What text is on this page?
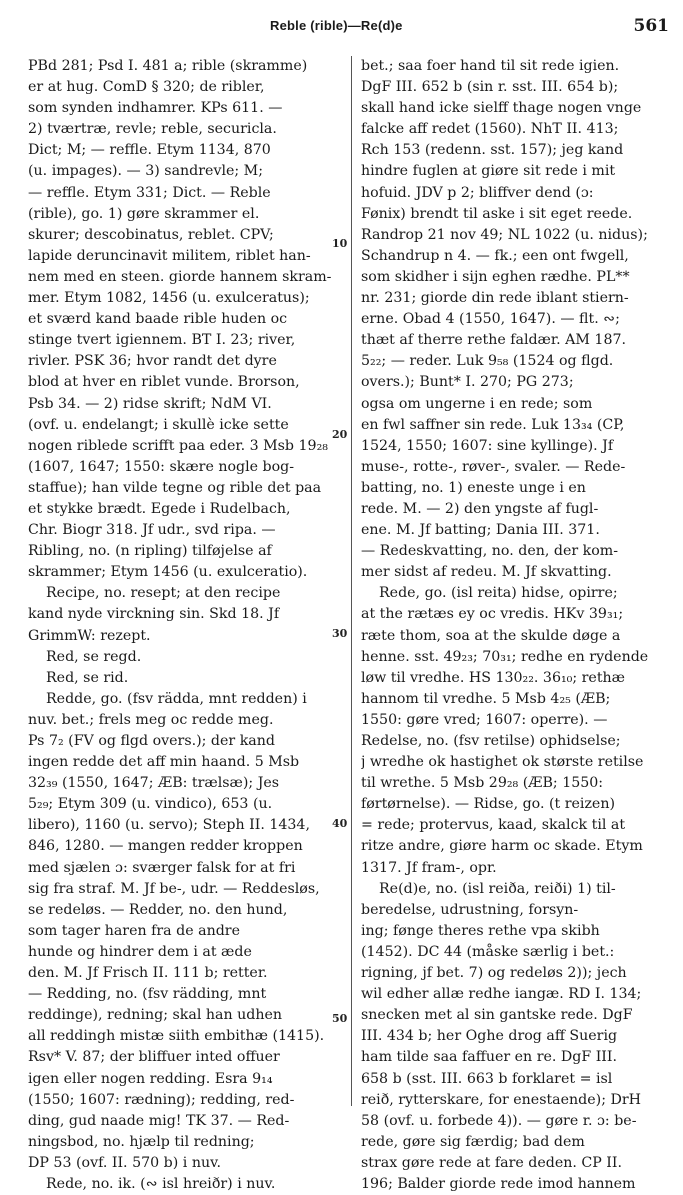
Reble (rible)—Re(d)e	561
PBd 281; Psd I. 481 a; rible (skramme)
er at hug. ComD § 320; de ribler,
som synden indhamrer. KPs 611. —
2) tværtræ, revle; reble, securicla.
Dict; M; — reffle. Etym 1134, 870
(u. impages). — 3) sandrevle; M;
— reffle. Etym 331; Dict. — Reble
(rible), go. 1) gøre skrammer el.
skurer; descobinatus, reblet. CPV;
lapide deruncinavit militem, riblet han-
nem med en steen. giorde hannem skram-
mer. Etym 1082, 1456 (u. exulceratus);
et sværd kand baade rible huden oc
stinge tvert igiennem. BT I. 23; river,
rivler. PSK 36; hvor randt det dyre
blod at hver en riblet vunde. Brorson,
Psb 34. — 2) ridse skrift; NdM VI.
(ovf. u. endelangt; i skullè icke sette
nogen riblede scrifft paa eder. 3 Msb 19₂₈
(1607, 1647; 1550: skære nogle bog-
staffue); han vilde tegne og rible det paa
et stykke brædt. Egede i Rudelbach,
Chr. Biogr 318. Jf udr., svd ripa. —
Ribling, no. (n ripling) tilføjelse af
skrammer; Etym 1456 (u. exulceratio).
Recipe, no. resept; at den recipe
kand nyde virckning sin. Skd 18. Jf
GrimmW: rezept.
Red, se regd.
Red, se rid.
Redde, go. (fsv rädda, mnt redden) i
nuv. bet.; frels meg oc redde meg.
Ps 7₂ (FV og flgd overs.); der kand
ingen redde det aff min haand. 5 Msb
32₃₉ (1550, 1647; ÆB: trælsæ); Jes
5₂₉; Etym 309 (u. vindico), 653 (u.
libero), 1160 (u. servo); Steph II. 1434,
846, 1280. — mangen redder kroppen
med sjælen ɔ: sværger falsk for at fri
sig fra straf. M. Jf be-, udr. — Reddesløs,
se redeløs. — Redder, no. den hund,
som tager haren fra de andre
hunde og hindrer dem i at æde
den. M. Jf Frisch II. 111 b; retter.
— Redding, no. (fsv rädding, mnt
reddinge), redning; skal han udhen
all reddingh mistæ siith embithæ (1415).
Rsv* V. 87; der bliffuer inted offuer
igen eller nogen redding. Esra 9₁₄
(1550; 1607: rædning); redding, red-
ding, gud naade mig! TK 37. — Red-
ningsbod, no. hjælp til redning;
DP 53 (ovf. II. 570 b) i nuv.
Rede, no. ik. (∾ isl hreiðr) i nuv.
bet.; saa foer hand til sit rede igien.
DgF III. 652 b (sin r. sst. III. 654 b);
skall hand icke sielff thage nogen vnge
falcke aff redet (1560). NhT II. 413;
Rch 153 (redenn. sst. 157); jeg kand
hindre fuglen at giøre sit rede i mit
hofuid. JDV p 2; bliffver dend (ɔ:
Fønix) brendt til aske i sit eget reede.
Randrop 21 nov 49; NL 1022 (u. nidus);
Schandrup n 4. — fk.; een ont fwgell,
som skidher i sijn eghen rædhe. PL**
nr. 231; giorde din rede iblant stiern-
erne. Obad 4 (1550, 1647). — flt. ∾;
thæt af therre rethe faldær. AM 187.
5₂₂; — reder. Luk 9₅₈ (1524 og flgd.
overs.); Bunt* I. 270; PG 273;
ogsa om ungerne i en rede; som
en fwl saffner sin rede. Luk 13₃₄ (CP,
1524, 1550; 1607: sine kyllinge). Jf
muse-, rotte-, røver-, svaler. — Rede-
batting, no. 1) eneste unge i en
rede. M. — 2) den yngste af fugl-
ene. M. Jf batting; Dania III. 371.
— Redeskvatting, no. den, der kom-
mer sidst af redeu. M. Jf skvatting.
Rede, go. (isl reita) hidse, opirre;
at the rætæs ey oc vredis. HKv 39₃₁;
ræte thom, soa at the skulde døge a
henne. sst. 49₂₃; 70₃₁; redhe en rydende
løw til vredhe. HS 130₂₂. 36₁₀; rethæ
hannom til vredhe. 5 Msb 4₂₅ (ÆB;
1550: gøre vred; 1607: operre). —
Redelse, no. (fsv retilse) ophidselse;
j wredhe ok hastighet ok største retilse
til wrethe. 5 Msb 29₂₈ (ÆB; 1550:
førtørnelse). — Ridse, go. (t reizen)
= rede; protervus, kaad, skalck til at
ritze andre, giøre harm oc skade. Etym
1317. Jf fram-, opr.
Re(d)e, no. (isl reiða, reiði) 1) til-
beredelse, udrustning, forsyn-
ing; fønge theres rethe vpa skibh
(1452). DC 44 (måske særlig i bet.:
rigning, jf bet. 7) og redeløs 2)); jech
wil edher allæ redhe iangæ. RD I. 134;
snecken met al sin gantske rede. DgF
III. 434 b; her Oghe drog aff Suerig
ham tilde saa faffuer en re. DgF III.
658 b (sst. III. 663 b forklaret = isl
reið, rytterskare, for enestaende); DrH
58 (ovf. u. forbede 4)). — gøre r. ɔ: be-
rede, gøre sig færdig; bad dem
strax gøre rede at fare deden. CP II.
196; Balder giorde rede imod hannem
10
20
30
40
50
